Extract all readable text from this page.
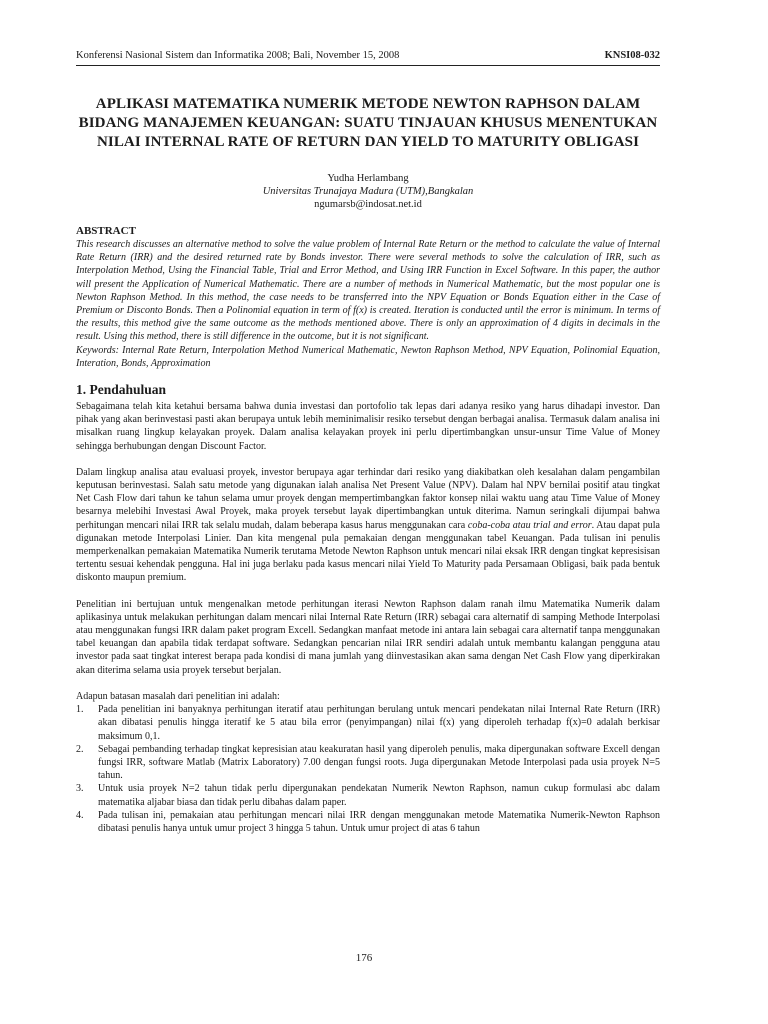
Konferensi Nasional Sistem dan Informatika 2008; Bali, November 15, 2008	KNSI08-032
APLIKASI MATEMATIKA NUMERIK METODE NEWTON RAPHSON DALAM BIDANG MANAJEMEN KEUANGAN: SUATU TINJAUAN KHUSUS MENENTUKAN NILAI INTERNAL RATE OF RETURN DAN YIELD TO MATURITY OBLIGASI
Yudha Herlambang
Universitas Trunajaya Madura (UTM),Bangkalan
ngumarsb@indosat.net.id
ABSTRACT

This research discusses an alternative method to solve the value problem of Internal Rate Return or the method to calculate the value of Internal Rate Return (IRR) and the desired returned rate by Bonds investor. There were several methods to solve the calculation of IRR, such as Interpolation Method, Using the Financial Table, Trial and Error Method, and Using IRR Function in Excel Software. In this paper, the author will present the Application of Numerical Mathematic. There are a number of methods in Numerical Mathematic, but the most popular one is Newton Raphson Method. In this method, the case needs to be transferred into the NPV Equation or Bonds Equation either in the Case of Premium or Disconto Bonds. Then a Polinomial equation in term of f(x) is created. Iteration is conducted until the error is minimum. In terms of the results, this method give the same outcome as the methods mentioned above. There is only an approximation of 4 digits in decimals in the result. Using this method, there is still difference in the outcome, but it is not significant.

Keywords: Internal Rate Return, Interpolation Method Numerical Mathematic, Newton Raphson Method, NPV Equation, Polinomial Equation, Interation, Bonds, Approximation

1. Pendahuluan

Sebagaimana telah kita ketahui bersama bahwa dunia investasi dan portofolio tak lepas dari adanya resiko yang harus dihadapi investor. Dan pihak yang akan berinvestasi pasti akan berupaya untuk lebih meminimalisir resiko tersebut dengan berbagai analisa. Termasuk dalam analisa ini misalkan ruang lingkup kelayakan proyek. Dalam analisa kelayakan proyek ini perlu dipertimbangkan unsur-unsur Time Value of Money sehingga berhubungan dengan Discount Factor.

Dalam lingkup analisa atau evaluasi proyek, investor berupaya agar terhindar dari resiko yang diakibatkan oleh kesalahan dalam pengambilan keputusan berinvestasi. Salah satu metode yang digunakan ialah analisa Net Present Value (NPV). Dalam hal NPV bernilai positif atau tingkat Net Cash Flow dari tahun ke tahun selama umur proyek dengan mempertimbangkan faktor konsep nilai waktu uang atau Time Value of Money besarnya melebihi Investasi Awal Proyek, maka proyek tersebut layak dipertimbangkan untuk diterima. Namun seringkali dijumpai bahwa perhitungan mencari nilai IRR tak selalu mudah, dalam beberapa kasus harus menggunakan cara coba-coba atau trial and error. Atau dapat pula digunakan metode Interpolasi Linier. Dan kita mengenal pula pemakaian dengan menggunakan tabel Keuangan. Pada tulisan ini penulis memperkenalkan pemakaian Matematika Numerik terutama Metode Newton Raphson untuk mencari nilai eksak IRR dengan tingkat kepresisisan tertentu sesuai kehendak pengguna. Hal ini juga berlaku pada kasus mencari nilai Yield To Maturity pada Persamaan Obligasi, baik pada bentuk diskonto maupun premium.

Penelitian ini bertujuan untuk mengenalkan metode perhitungan iterasi Newton Raphson dalam ranah ilmu Matematika Numerik dalam aplikasinya untuk melakukan perhitungan dalam mencari nilai Internal Rate Return (IRR) sebagai cara alternatif di samping Methode Interpolasi atau menggunakan fungsi IRR dalam paket program Excell. Sedangkan manfaat metode ini antara lain sebagai cara alternatif tanpa menggunakan tabel keuangan dan apabila tidak terdapat software. Sedangkan pencarian nilai IRR sendiri adalah untuk membantu kalangan pengguna atau investor pada saat tingkat interest berapa pada kondisi di mana jumlah yang diinvestasikan akan sama dengan Net Cash Flow yang diperkirakan akan diterima selama usia proyek tersebut berjalan.

Adapun batasan masalah dari penelitian ini adalah:

1.	Pada penelitian ini banyaknya perhitungan iteratif atau perhitungan berulang untuk mencari pendekatan nilai Internal Rate Return (IRR) akan dibatasi penulis hingga iteratif ke 5 atau bila error (penyimpangan) nilai f(x) yang diperoleh terhadap f(x)=0 adalah berkisar maksimum 0,1.
2.	Sebagai pembanding terhadap tingkat kepresisian atau keakuratan hasil yang diperoleh penulis, maka dipergunakan software Excell dengan fungsi IRR, software Matlab (Matrix Laboratory) 7.00 dengan fungsi roots. Juga dipergunakan Metode Interpolasi pada usia proyek N=5 tahun.
3.	Untuk usia proyek N=2 tahun tidak perlu dipergunakan pendekatan Numerik Newton Raphson, namun cukup formulasi abc dalam matematika aljabar biasa dan tidak perlu dibahas dalam paper.
4.	Pada tulisan ini, pemakaian atau perhitungan mencari nilai IRR dengan menggunakan metode Matematika Numerik-Newton Raphson dibatasi penulis hanya untuk umur project 3 hingga 5 tahun. Untuk umur project di atas 6 tahun
176
